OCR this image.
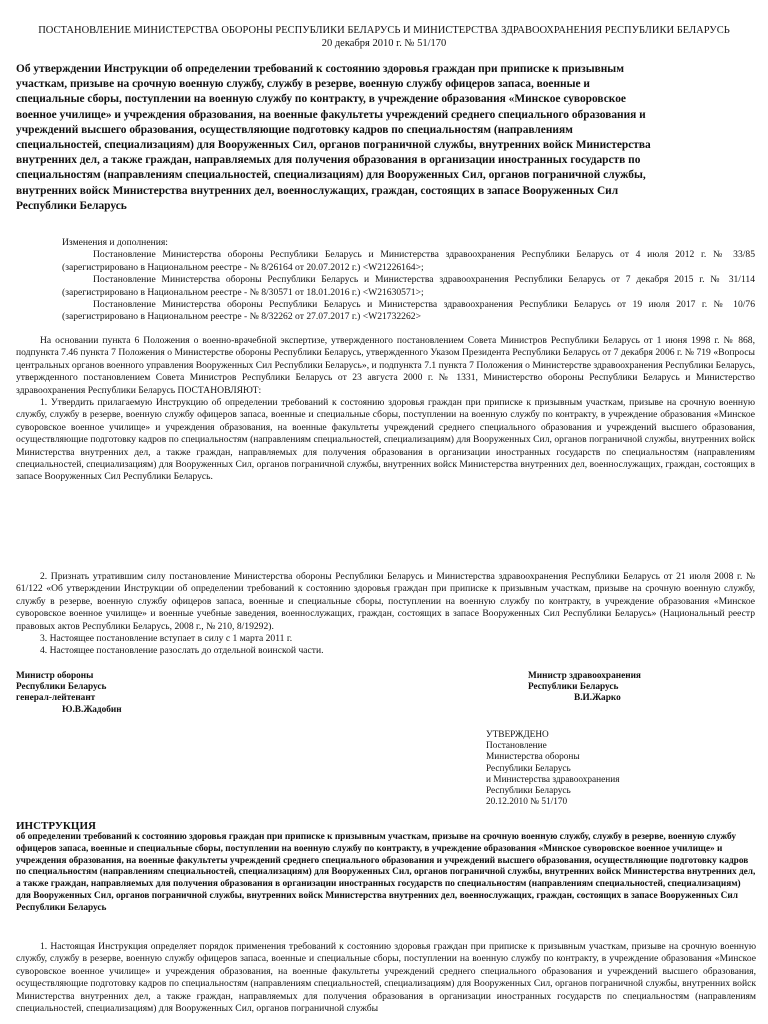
ПОСТАНОВЛЕНИЕ МИНИСТЕРСТВА ОБОРОНЫ РЕСПУБЛИКИ БЕЛАРУСЬ И МИНИСТЕРСТВА ЗДРАВООХРАНЕНИЯ РЕСПУБЛИКИ БЕЛАРУСЬ
20 декабря 2010 г. № 51/170
Об утверждении Инструкции об определении требований к состоянию здоровья граждан при приписке к призывным участкам, призыве на срочную военную службу, службу в резерве, военную службу офицеров запаса, военные и специальные сборы, поступлении на военную службу по контракту, в учреждение образования «Минское суворовское военное училище» и учреждения образования, на военные факультеты учреждений среднего специального образования и учреждений высшего образования, осуществляющие подготовку кадров по специальностям (направлениям специальностей, специализациям) для Вооруженных Сил, органов пограничной службы, внутренних войск Министерства внутренних дел, а также граждан, направляемых для получения образования в организации иностранных государств по специальностям (направлениям специальностей, специализациям) для Вооруженных Сил, органов пограничной службы, внутренних войск Министерства внутренних дел, военнослужащих, граждан, состоящих в запасе Вооруженных Сил Республики Беларусь
Изменения и дополнения:
Постановление Министерства обороны Республики Беларусь и Министерства здравоохранения Республики Беларусь от 4 июля 2012 г. № 33/85 (зарегистрировано в Национальном реестре - № 8/26164 от 20.07.2012 г.) <W21226164>;
Постановление Министерства обороны Республики Беларусь и Министерства здравоохранения Республики Беларусь от 7 декабря 2015 г. № 31/114 (зарегистрировано в Национальном реестре - № 8/30571 от 18.01.2016 г.) <W21630571>;
Постановление Министерства обороны Республики Беларусь и Министерства здравоохранения Республики Беларусь от 19 июля 2017 г. № 10/76 (зарегистрировано в Национальном реестре - № 8/32262 от 27.07.2017 г.) <W21732262>

На основании пункта 6 Положения о военно-врачебной экспертизе, утвержденного постановлением Совета Министров Республики Беларусь от 1 июня 1998 г. № 868, подпункта 7.46 пункта 7 Положения о Министерстве обороны Республики Беларусь, утвержденного Указом Президента Республики Беларусь от 7 декабря 2006 г. № 719 «Вопросы центральных органов военного управления Вооруженных Сил Республики Беларусь», и подпункта 7.1 пункта 7 Положения о Министерстве здравоохранения Республики Беларусь, утвержденного постановлением Совета Министров Республики Беларусь от 23 августа 2000 г. № 1331, Министерство обороны Республики Беларусь и Министерство здравоохранения Республики Беларусь ПОСТАНОВЛЯЮТ:

1. Утвердить прилагаемую Инструкцию об определении требований к состоянию здоровья граждан при приписке к призывным участкам, призыве на срочную военную службу, службу в резерве, военную службу офицеров запаса, военные и специальные сборы, поступлении на военную службу по контракту, в учреждение образования «Минское суворовское военное училище» и учреждения образования, на военные факультеты учреждений среднего специального образования и учреждений высшего образования, осуществляющие подготовку кадров по специальностям (направлениям специальностей, специализациям) для Вооруженных Сил, органов пограничной службы, внутренних войск Министерства внутренних дел, а также граждан, направляемых для получения образования в организации иностранных государств по специальностям (направлениям специальностей, специализациям) для Вооруженных Сил, органов пограничной службы, внутренних войск Министерства внутренних дел, военнослужащих, граждан, состоящих в запасе Вооруженных Сил Республики Беларусь.

2. Признать утратившим силу постановление Министерства обороны Республики Беларусь и Министерства здравоохранения Республики Беларусь от 21 июля 2008 г. № 61/122 «Об утверждении Инструкции об определении требований к состоянию здоровья граждан при приписке к призывным участкам, призыве на срочную военную службу, службу в резерве, военную службу офицеров запаса, военные и специальные сборы, поступлении на военную службу по контракту, в учреждение образования «Минское суворовское военное училище» и военные учебные заведения, военнослужащих, граждан, состоящих в запасе Вооруженных Сил Республики Беларусь» (Национальный реестр правовых актов Республики Беларусь, 2008 г., № 210, 8/19292).

3. Настоящее постановление вступает в силу с 1 марта 2011 г.

4. Настоящее постановление разослать до отдельной воинской части.

Министр обороны
Республики Беларусь
генерал-лейтенант
Ю.В.Жадобин
Министр здравоохранения
Республики Беларусь
В.И.Жарко
УТВЕРЖДЕНО
Постановление
Министерства обороны
Республики Беларусь
и Министерства здравоохранения
Республики Беларусь
20.12.2010 № 51/170
ИНСТРУКЦИЯ
об определении требований к состоянию здоровья граждан при приписке к призывным участкам, призыве на срочную военную службу, службу в резерве, военную службу офицеров запаса, военные и специальные сборы, поступлении на военную службу по контракту, в учреждение образования «Минское суворовское военное училище» и учреждения образования, на военные факультеты учреждений среднего специального образования и учреждений высшего образования, осуществляющие подготовку кадров по специальностям (направлениям специальностей, специализациям) для Вооруженных Сил, органов пограничной службы, внутренних войск Министерства внутренних дел, а также граждан, направляемых для получения образования в организации иностранных государств по специальностям (направлениям специальностей, специализациям) для Вооруженных Сил, органов пограничной службы, внутренних войск Министерства внутренних дел, военнослужащих, граждан, состоящих в запасе Вооруженных Сил Республики Беларусь

1. Настоящая Инструкция определяет порядок применения требований к состоянию здоровья граждан при приписке к призывным участкам, призыве на срочную военную службу, службу в резерве, военную службу офицеров запаса, военные и специальные сборы, поступлении на военную службу по контракту, в учреждение образования «Минское суворовское военное училище» и учреждения образования, на военные факультеты учреждений среднего специального образования и учреждений высшего образования, осуществляющие подготовку кадров по специальностям (направлениям специальностей, специализациям) для Вооруженных Сил, органов пограничной службы, внутренних войск Министерства внутренних дел, а также граждан, направляемых для получения образования в организации иностранных государств по специальностям (направлениям специальностей, специализациям) для Вооруженных Сил, органов пограничной службы
